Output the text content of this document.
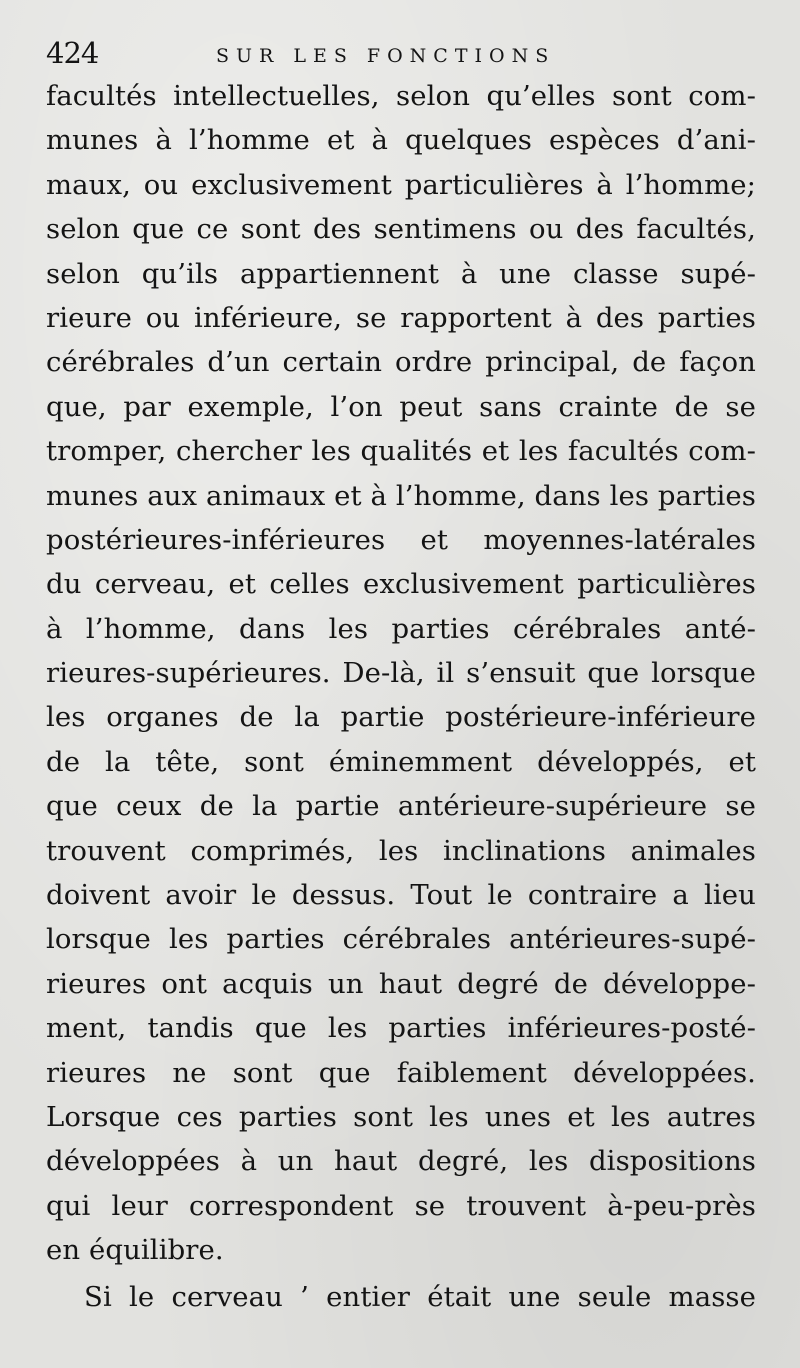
424	SUR LES FONCTIONS
facultés intellectuelles, selon qu’elles sont com-
munes à l’homme et à quelques espèces d’ani-
maux, ou exclusivement particulières à l’homme;
selon que ce sont des sentimens ou des facultés,
selon qu’ils appartiennent à une classe supé-
rieure ou inférieure, se rapportent à des parties
cérébrales d’un certain ordre principal, de façon
que, par exemple, l’on peut sans crainte de se
tromper, chercher les qualités et les facultés com-
munes aux animaux et à l’homme, dans les parties
postérieures-inférieures et moyennes-latérales
du cerveau, et celles exclusivement particulières
à l’homme, dans les parties cérébrales anté-
rieures-supérieures. De-là, il s’ensuit que lorsque
les organes de la partie postérieure-inférieure
de la tête, sont éminemment développés, et
que ceux de la partie antérieure-supérieure se
trouvent comprimés, les inclinations animales
doivent avoir le dessus. Tout le contraire a lieu
lorsque les parties cérébrales antérieures-supé-
rieures ont acquis un haut degré de développe-
ment, tandis que les parties inférieures-posté-
rieures ne sont que faiblement développées.
Lorsque ces parties sont les unes et les autres
développées à un haut degré, les dispositions
qui leur correspondent se trouvent à-peu-près
en équilibre.
Si le cerveau ’ entier était une seule masse
